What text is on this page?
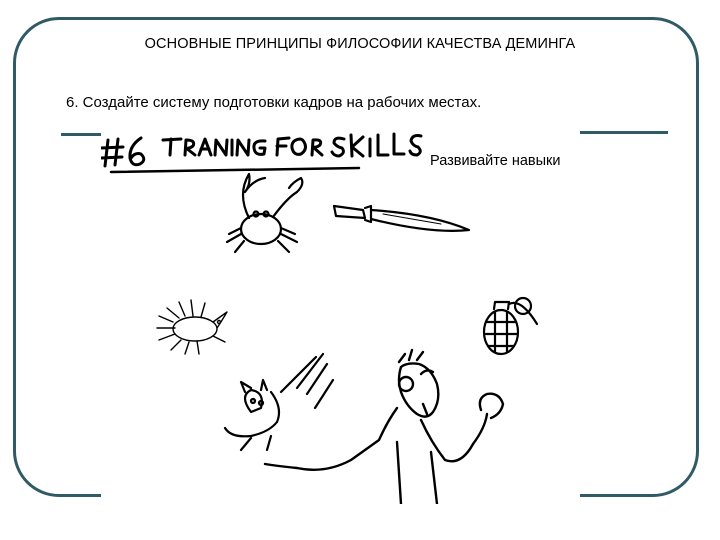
ОСНОВНЫЕ ПРИНЦИПЫ ФИЛОСОФИИ КАЧЕСТВА ДЕМИНГА
6. Создайте систему подготовки кадров на рабочих местах.
Развивайте навыки
